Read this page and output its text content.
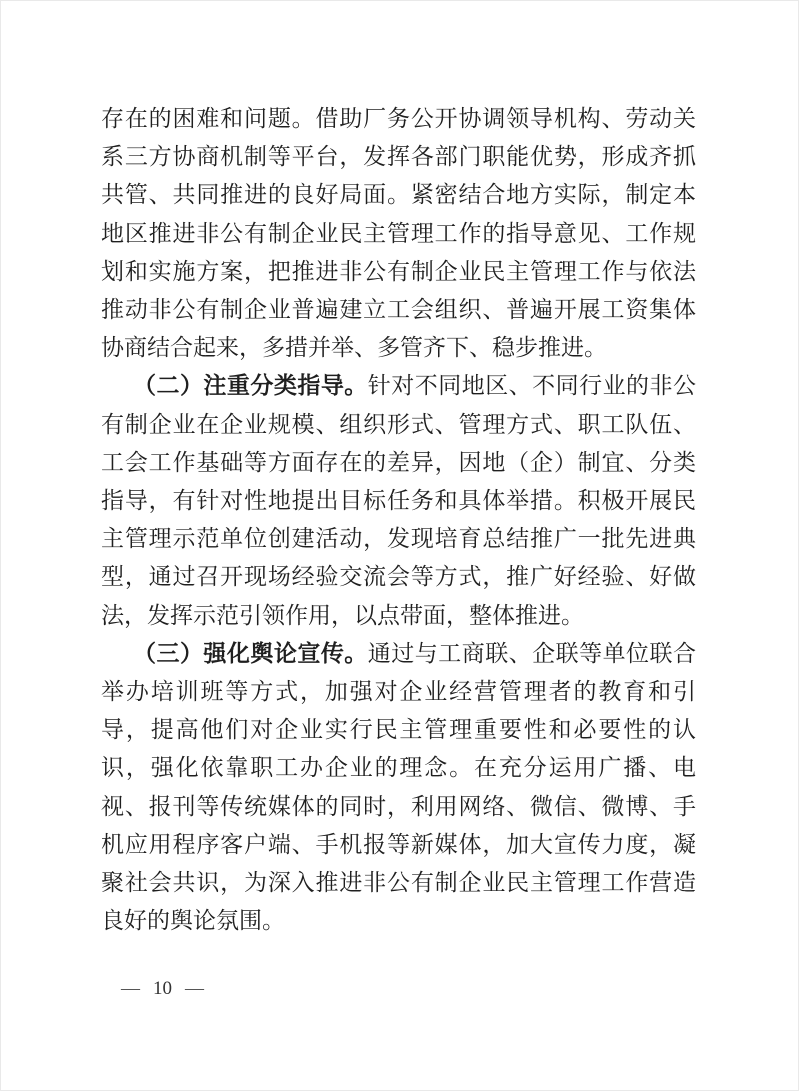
存在的困难和问题。借助厂务公开协调领导机构、劳动关系三方协商机制等平台，发挥各部门职能优势，形成齐抓共管、共同推进的良好局面。紧密结合地方实际，制定本地区推进非公有制企业民主管理工作的指导意见、工作规划和实施方案，把推进非公有制企业民主管理工作与依法推动非公有制企业普遍建立工会组织、普遍开展工资集体协商结合起来，多措并举、多管齐下、稳步推进。

（二）注重分类指导。针对不同地区、不同行业的非公有制企业在企业规模、组织形式、管理方式、职工队伍、工会工作基础等方面存在的差异，因地（企）制宜、分类指导，有针对性地提出目标任务和具体举措。积极开展民主管理示范单位创建活动，发现培育总结推广一批先进典型，通过召开现场经验交流会等方式，推广好经验、好做法，发挥示范引领作用，以点带面，整体推进。

（三）强化舆论宣传。通过与工商联、企联等单位联合举办培训班等方式，加强对企业经营管理者的教育和引导，提高他们对企业实行民主管理重要性和必要性的认识，强化依靠职工办企业的理念。在充分运用广播、电视、报刊等传统媒体的同时，利用网络、微信、微博、手机应用程序客户端、手机报等新媒体，加大宣传力度，凝聚社会共识，为深入推进非公有制企业民主管理工作营造良好的舆论氛围。

— 10 —
